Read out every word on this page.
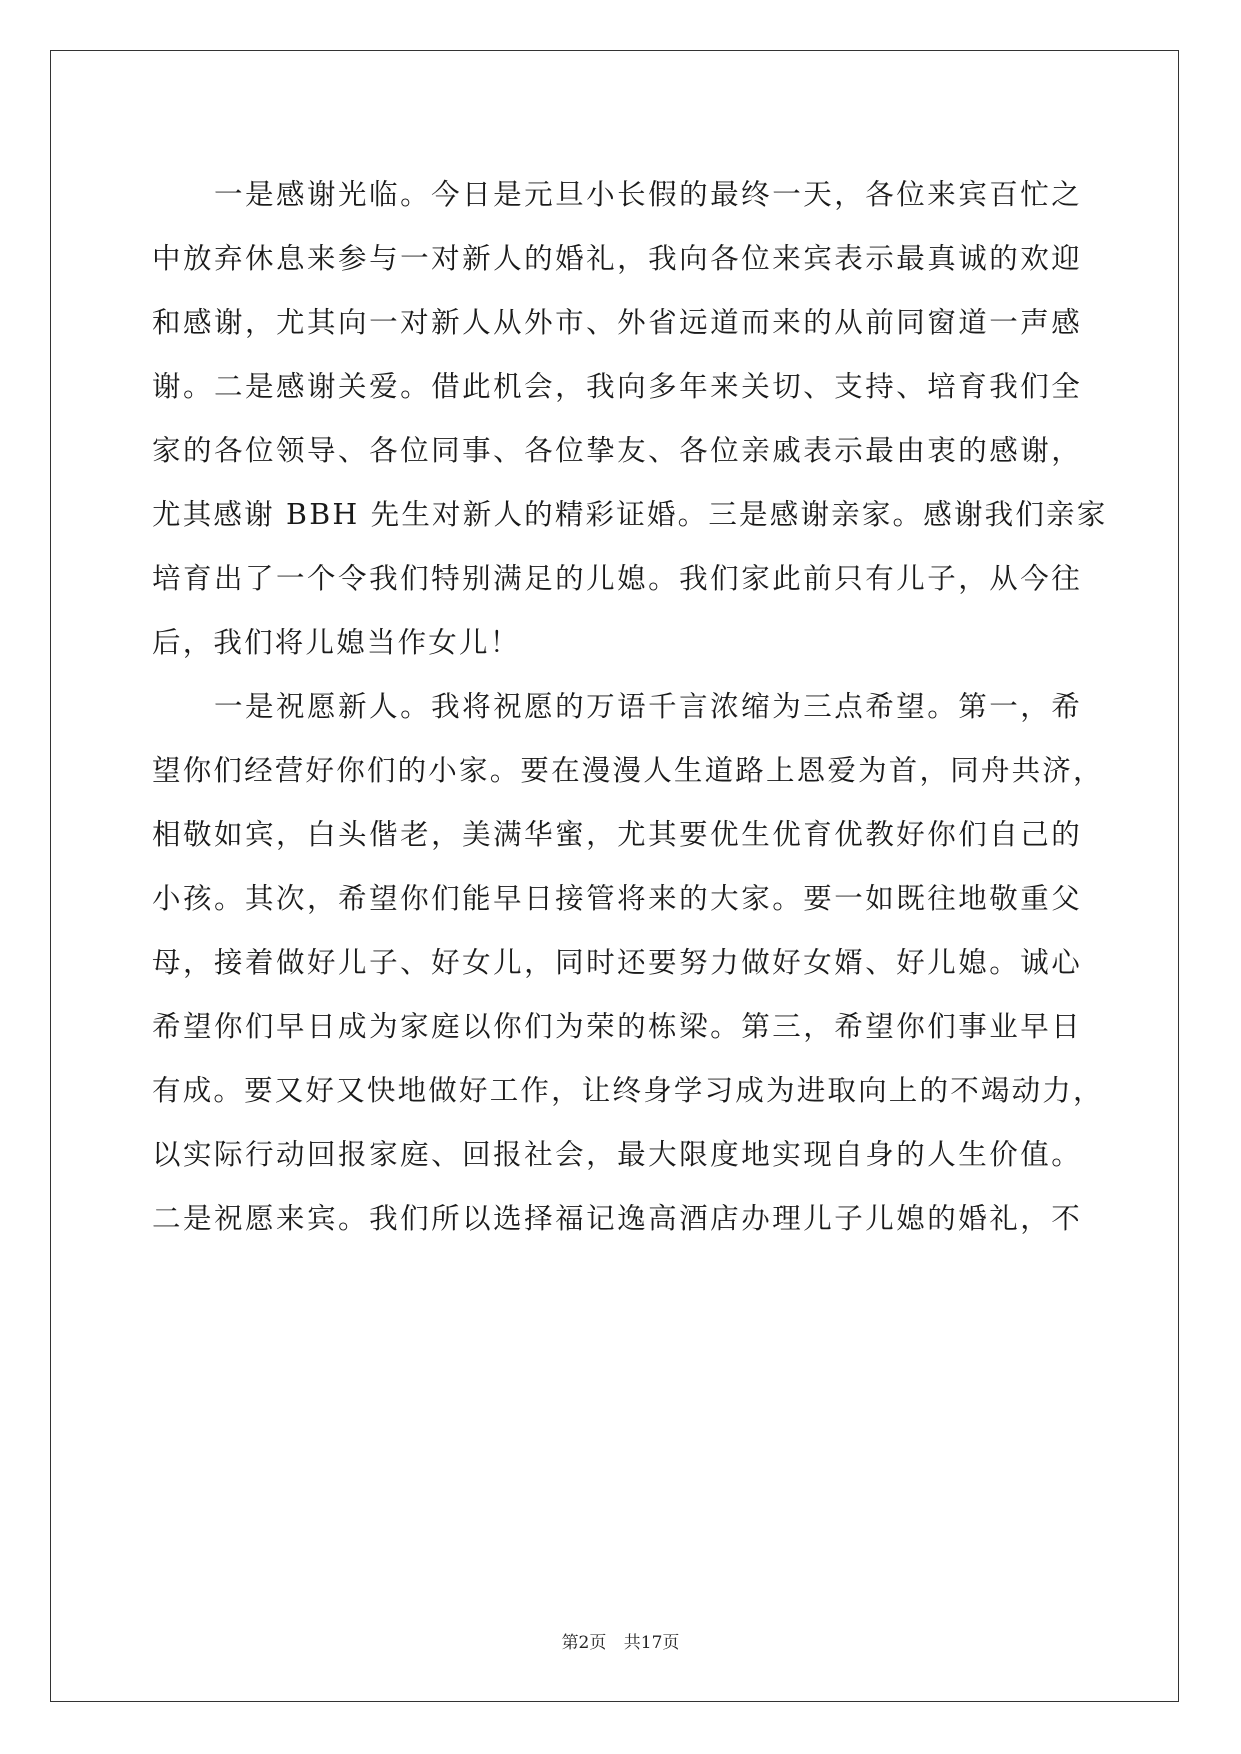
一是感谢光临。今日是元旦小长假的最终一天，各位来宾百忙之
中放弃休息来参与一对新人的婚礼，我向各位来宾表示最真诚的欢迎
和感谢，尤其向一对新人从外市、外省远道而来的从前同窗道一声感
谢。二是感谢关爱。借此机会，我向多年来关切、支持、培育我们全
家的各位领导、各位同事、各位挚友、各位亲戚表示最由衷的感谢，
尤其感谢 BBH 先生对新人的精彩证婚。三是感谢亲家。感谢我们亲家
培育出了一个令我们特别满足的儿媳。我们家此前只有儿子，从今往
后，我们将儿媳当作女儿！
一是祝愿新人。我将祝愿的万语千言浓缩为三点希望。第一，希
望你们经营好你们的小家。要在漫漫人生道路上恩爱为首，同舟共济，
相敬如宾，白头偕老，美满华蜜，尤其要优生优育优教好你们自己的
小孩。其次，希望你们能早日接管将来的大家。要一如既往地敬重父
母，接着做好儿子、好女儿，同时还要努力做好女婿、好儿媳。诚心
希望你们早日成为家庭以你们为荣的栋梁。第三，希望你们事业早日
有成。要又好又快地做好工作，让终身学习成为进取向上的不竭动力，
以实际行动回报家庭、回报社会，最大限度地实现自身的人生价值。
二是祝愿来宾。我们所以选择福记逸高酒店办理儿子儿媳的婚礼，不
第2页 共17页
